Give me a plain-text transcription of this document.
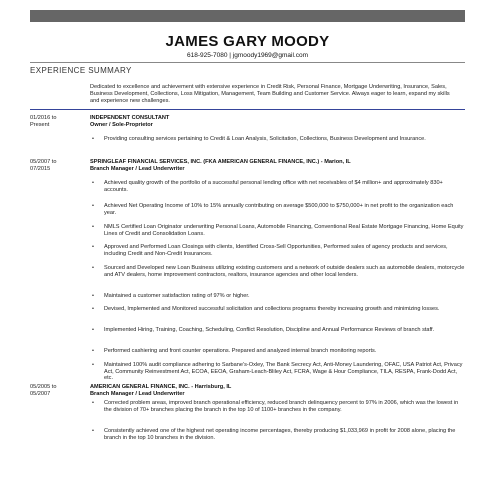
JAMES GARY MOODY
618-925-7080 | jgmoody1969@gmail.com
EXPERIENCE SUMMARY
Dedicated to excellence and achievement with extensive experience in Credit Risk, Personal Finance, Mortgage Underwriting, Insurance, Sales, Business Development, Collections, Loss Mitigation, Management, Team Building and Customer Service. Always eager to learn, expand my skills and experience new challenges.
01/2016 to
Present
INDEPENDENT CONSULTANT
Owner / Sole-Proprietor
• Providing consulting services pertaining to Credit & Loan Analysis, Solicitation, Collections, Business Development and Insurance.
05/2007 to
07/2015
SPRINGLEAF FINANCIAL SERVICES, INC. (FKA AMERICAN GENERAL FINANCE, INC.) - Marion, IL
Branch Manager / Lead Underwriter
• Achieved quality growth of the portfolio of a successful personal lending office with net receivables of $4 million+ and approximately 830+ accounts.
• Achieved Net Operating Income of 10% to 15% annually contributing on average $500,000 to $750,000+ in net profit to the organization each year.
• NMLS Certified Loan Originator underwriting Personal Loans, Automobile Financing, Conventional Real Estate Mortgage Financing, Home Equity Lines of Credit and Consolidation Loans.
• Approved and Performed Loan Closings with clients, Identified Cross-Sell Opportunities, Performed sales of agency products and services, including Credit and Non-Credit Insurances.
• Sourced and Developed new Loan Business utilizing existing customers and a network of outside dealers such as automobile dealers, motorcycle and ATV dealers, home improvement contractors, realtors, insurance agencies and other local lenders.
• Maintained a customer satisfaction rating of 97% or higher.
• Devised, Implemented and Monitored successful solicitation and collections programs thereby increasing growth and minimizing losses.
• Implemented Hiring, Training, Coaching, Scheduling, Conflict Resolution, Discipline and Annual Performance Reviews of branch staff.
• Performed cashiering and front counter operations. Prepared and analyzed internal branch monitoring reports.
• Maintained 100% audit compliance adhering to Sarbane's-Oxley, The Bank Secrecy Act, Anti-Money Laundering, OFAC, USA Patriot Act, Privacy Act, Community Reinvestment Act, ECOA, EEOA, Graham-Leach-Bliley Act, FCRA, Wage & Hour Compliance, TILA, RESPA, Frank-Dodd Act, etc.
05/2005 to
05/2007
AMERICAN GENERAL FINANCE, INC. - Harrisburg, IL
Branch Manager / Lead Underwriter
• Corrected problem areas, improved branch operational efficiency, reduced branch delinquency percent to 97% in 2006, which was the lowest in the division of 70+ branches placing the branch in the top 10 of 1100+ branches in the company.
• Consistently achieved one of the highest net operating income percentages, thereby producing $1,033,969 in profit for 2008 alone, placing the branch in the top 10 branches in the division.
